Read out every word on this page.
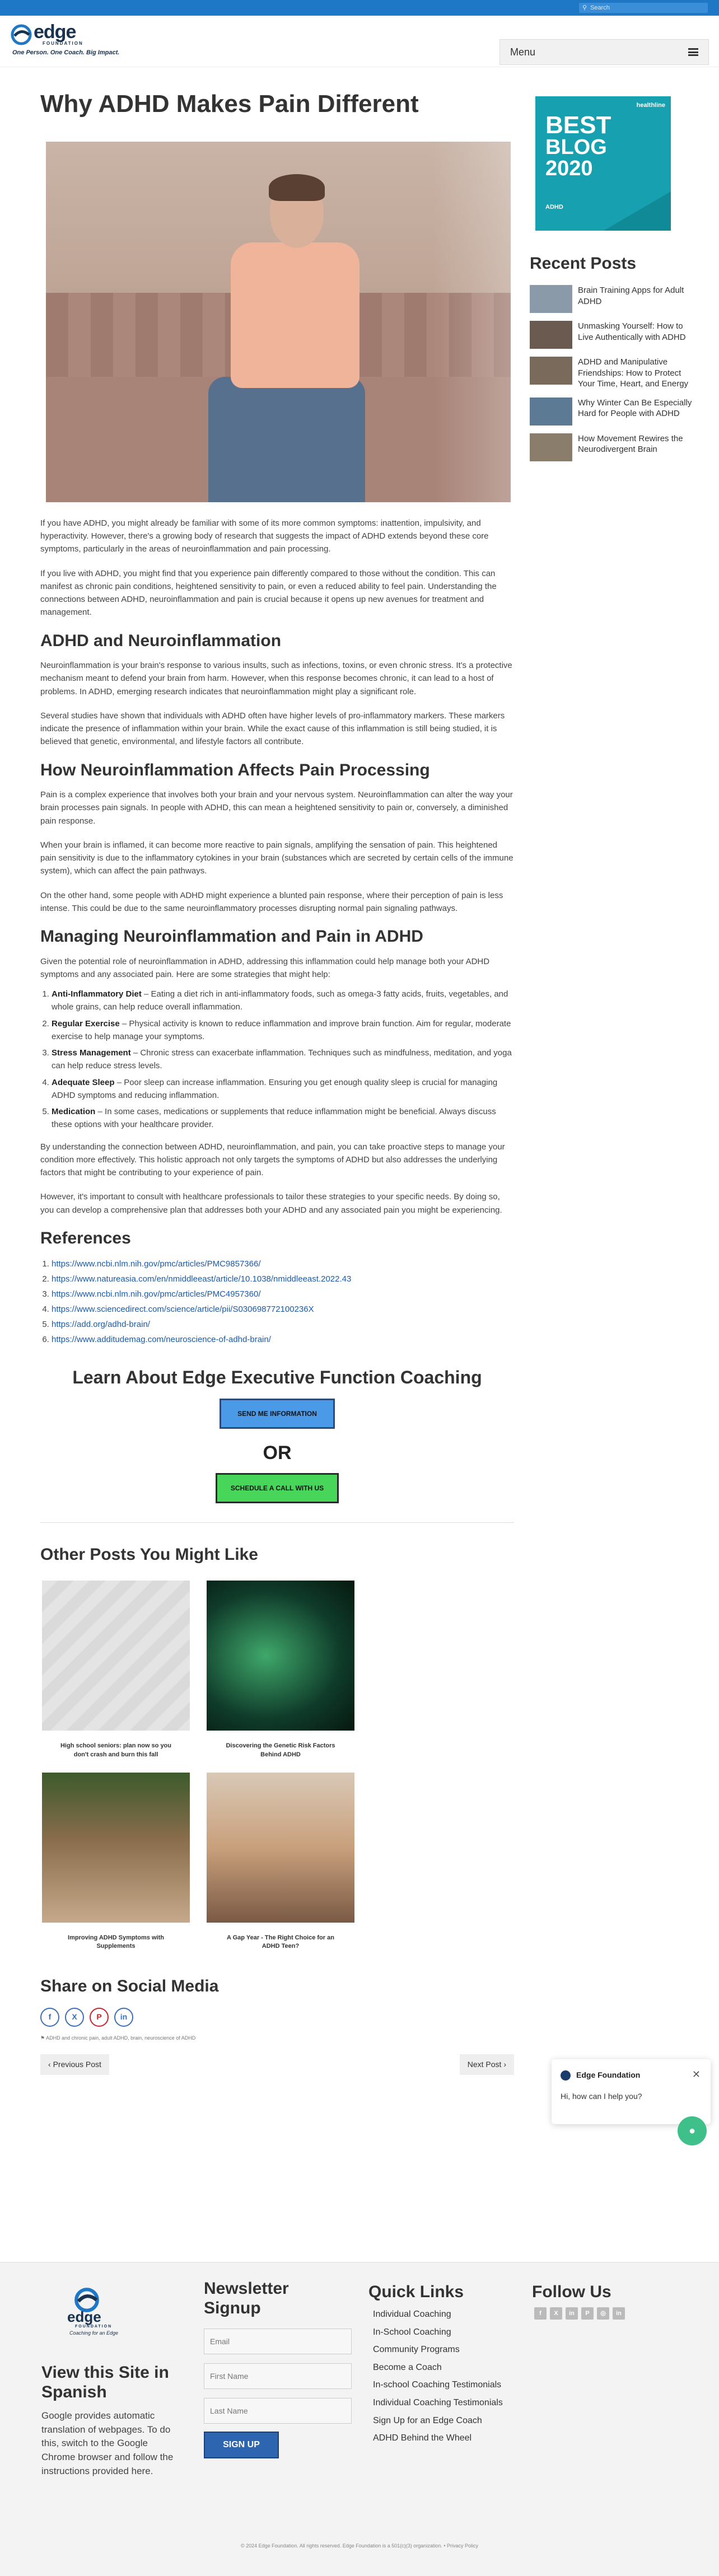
⚲ Search
edge
FOUNDATION
One Person. One Coach. Big Impact.	Menu
Why ADHD Makes Pain Different

If you have ADHD, you might already be familiar with some of its more common symptoms: inattention, impulsivity, and hyperactivity. However, there's a growing body of research that suggests the impact of ADHD extends beyond these core symptoms, particularly in the areas of neuroinflammation and pain processing.

If you live with ADHD, you might find that you experience pain differently compared to those without the condition. This can manifest as chronic pain conditions, heightened sensitivity to pain, or even a reduced ability to feel pain. Understanding the connections between ADHD, neuroinflammation and pain is crucial because it opens up new avenues for treatment and management.

ADHD and Neuroinflammation

Neuroinflammation is your brain's response to various insults, such as infections, toxins, or even chronic stress. It's a protective mechanism meant to defend your brain from harm. However, when this response becomes chronic, it can lead to a host of problems. In ADHD, emerging research indicates that neuroinflammation might play a significant role.

Several studies have shown that individuals with ADHD often have higher levels of pro-inflammatory markers. These markers indicate the presence of inflammation within your brain. While the exact cause of this inflammation is still being studied, it is believed that genetic, environmental, and lifestyle factors all contribute.

How Neuroinflammation Affects Pain Processing

Pain is a complex experience that involves both your brain and your nervous system. Neuroinflammation can alter the way your brain processes pain signals. In people with ADHD, this can mean a heightened sensitivity to pain or, conversely, a diminished pain response.

When your brain is inflamed, it can become more reactive to pain signals, amplifying the sensation of pain. This heightened pain sensitivity is due to the inflammatory cytokines in your brain (substances which are secreted by certain cells of the immune system), which can affect the pain pathways.

On the other hand, some people with ADHD might experience a blunted pain response, where their perception of pain is less intense. This could be due to the same neuroinflammatory processes disrupting normal pain signaling pathways.

Managing Neuroinflammation and Pain in ADHD

Given the potential role of neuroinflammation in ADHD, addressing this inflammation could help manage both your ADHD symptoms and any associated pain. Here are some strategies that might help:

1. Anti-Inflammatory Diet – Eating a diet rich in anti-inflammatory foods, such as omega-3 fatty acids, fruits, vegetables, and whole grains, can help reduce overall inflammation.
2. Regular Exercise – Physical activity is known to reduce inflammation and improve brain function. Aim for regular, moderate exercise to help manage your symptoms.
3. Stress Management – Chronic stress can exacerbate inflammation. Techniques such as mindfulness, meditation, and yoga can help reduce stress levels.
4. Adequate Sleep – Poor sleep can increase inflammation. Ensuring you get enough quality sleep is crucial for managing ADHD symptoms and reducing inflammation.
5. Medication – In some cases, medications or supplements that reduce inflammation might be beneficial. Always discuss these options with your healthcare provider.

By understanding the connection between ADHD, neuroinflammation, and pain, you can take proactive steps to manage your condition more effectively. This holistic approach not only targets the symptoms of ADHD but also addresses the underlying factors that might be contributing to your experience of pain.

However, it's important to consult with healthcare professionals to tailor these strategies to your specific needs. By doing so, you can develop a comprehensive plan that addresses both your ADHD and any associated pain you might be experiencing.

References
1. https://www.ncbi.nlm.nih.gov/pmc/articles/PMC9857366/
2. https://www.natureasia.com/en/nmiddleeast/article/10.1038/nmiddleeast.2022.43
3. https://www.ncbi.nlm.nih.gov/pmc/articles/PMC4957360/
4. https://www.sciencedirect.com/science/article/pii/S030698772100236X
5. https://add.org/adhd-brain/
6. https://www.additudemag.com/neuroscience-of-adhd-brain/
Learn About Edge Executive Function Coaching
SEND ME INFORMATION
OR
SCHEDULE A CALL WITH US
Other Posts You Might Like
High school seniors: plan now so you don't crash and burn this fall
Discovering the Genetic Risk Factors Behind ADHD
Improving ADHD Symptoms with Supplements
A Gap Year - The Right Choice for an ADHD Teen?
Share on Social Media
f	X	P	in
⚑ ADHD and chronic pain, adult ADHD, brain, neuroscience of ADHD
‹ Previous Post	Next Post ›
healthline
BEST
BLOG
2020
ADHD
Recent Posts
Brain Training Apps for Adult ADHD
Unmasking Yourself: How to Live Authentically with ADHD
ADHD and Manipulative Friendships: How to Protect Your Time, Heart, and Energy
Why Winter Can Be Especially Hard for People with ADHD
How Movement Rewires the Neurodivergent Brain
Edge Foundation	✕
Hi, how can I help you?
●
edge
FOUNDATION
Coaching for an Edge
View this Site in Spanish
Google provides automatic translation of webpages. To do this, switch to the Google Chrome browser and follow the instructions provided here.
Newsletter Signup
Email
First Name
Last Name
SIGN UP
Quick Links
Individual Coaching
In-School Coaching
Community Programs
Become a Coach
In-school Coaching Testimonials
Individual Coaching Testimonials
Sign Up for an Edge Coach
ADHD Behind the Wheel
Follow Us
f	X	in	P	◎	in
© 2024 Edge Foundation. All rights reserved. Edge Foundation is a 501(c)(3) organization. • Privacy Policy
